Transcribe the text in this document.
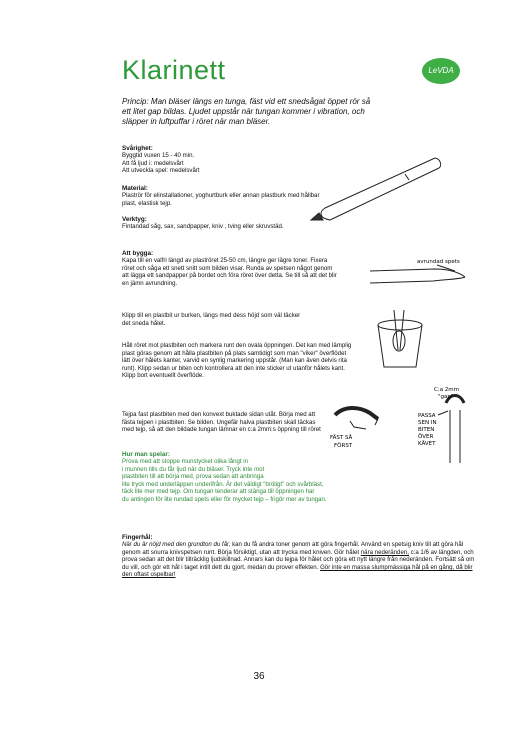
Klarinett	LeVDA
Princip: Man bläser längs en tunga, fäst vid ett snedsågat öppet rör så ett litet gap bildas. Ljudet uppstår när tungan kommer i vibration, och släpper in luftpuffar i röret när man bläser.
Svårighet:
Byggtid vuxen 15 - 40 min.
Att få ljud i: medelsvårt
Att utveckla spel: medelsvårt
Material:
Plaströr för elinstallationer, yoghurtburk eller annan plastburk med hållbar plast, elastisk tejp.
Verktyg:
Fintandad såg, sax, sandpapper, kniv , tving eller skruvstäd.
Att bygga:
Kapa till en valfri längd av plaströret 25-50 cm, längre ger lägre toner. Fixera röret och såga ett snett snitt som bilden visar. Runda av spetsen något genom att lägga ett sandpapper på bordet och föra röret över detta. Se till så att det blir en jämn avrundning.
Klipp till en plastbit ur burken, längs med dess höjd som väl täcker det sneda hålet.
Håll röret mot plastbiten och markera runt den ovala öppningen. Det kan med lämplig plast göras genom att hålla plastbiten på plats samtidigt som man "viker" överflödet lätt över hålets kanter, varvid en synlig markering uppstår. (Man kan även delvis rita runt). Klipp sedan ur biten och kontrollera att den inte sticker ut utanför hålets kant. Klipp bort eventuellt överflöde.
Tejpa fast plastbiten med den konvext buktade sidan utåt. Börja med att fästa tejpen i plastbiten. Se bilden. Ungefär halva plastbiten skall täckas med tejp, så att den bildade tungan lämnar en c:a 2mm:s öppning till röret
Hur man spelar:
Prova med att stoppe munstycket olika långt in
i munnen tills du får ljud när du bläser. Tryck inte mot
plastbiten till att börja med, prova sedan att anbringa
lite tryck med underläppen underifrån. Är det väldigt "bröligt" och svårbläst,
täck lite mer med tejp. Om tungan tenderar att stänga till öppningen har
du antingen för lite rundad spets eller för mycket tejp – frigör mer av tungan.
Fingerhål:
När du är nöjd med den grundton du får, kan du få andra toner genom att göra fingerhål. Använd en spetsig kniv till att göra hål genom att snurra knivspetsen runt. Börja försiktigt, utan att trycka med kniven. Gör hålet nära nederänden, c:a 1/6 av längden, och prova sedan att det blir tillräcklig ljudskillnad. Annars kan du tejpa för hålet och göra ett nytt längre från nederänden. Fortsätt så om du vill, och gör ett hål i taget intill dett du gjort, medan du prover effekten. Gör inte en massa slumpmässiga hål på en gång, då blir den oftast ospelbar!
avrundad spets
C:a 2mm
"gap"
PASSA
SEN IN
BITEN
ÖVER
KÄVET
FÄST SÅ
FÖRST
36
